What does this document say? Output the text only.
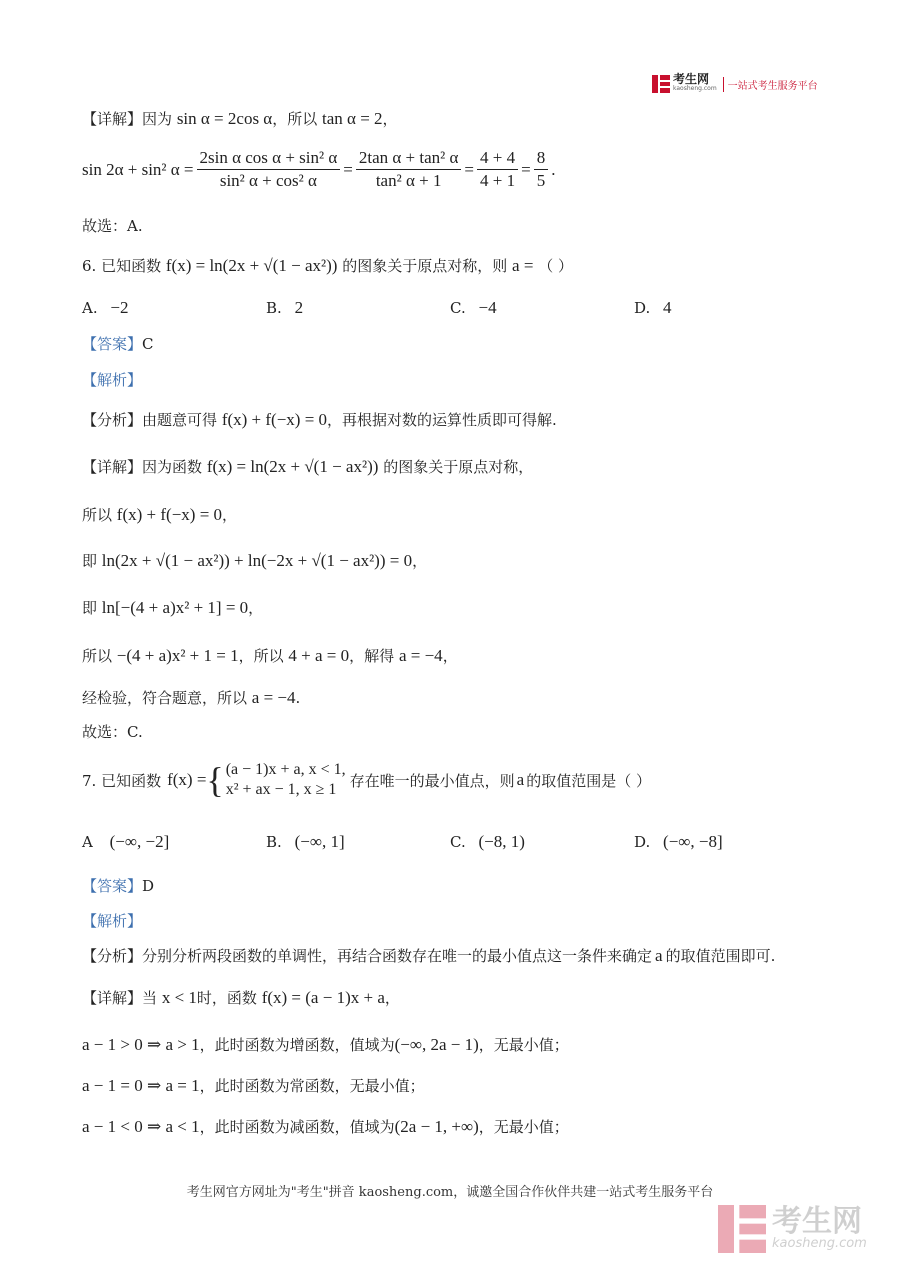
考生网
kaosheng.com	一站式考生服务平台
【详解】因为 sin α = 2cos α，所以 tan α = 2，
sin 2α + sin² $\alpha = \frac{\text{2sin α cos α + sin² α}}{\text{sin² α + cos² α}} = \frac{\text{2tan α + tan² α}}{\text{tan² α + 1}} = \frac{4 + 4}{4 + 1} = \frac{8}{5}$ .
故选：A.
6. 已知函数 f(x) = ln(2x + √(1 − ax²)) 的图象关于原点对称，则 a = （ ）
A. −2	B. 2	C. −4	D. 4
【答案】C
【解析】
【分析】由题意可得 f(x) + f(−x) = 0，再根据对数的运算性质即可得解.
【详解】因为函数 f(x) = ln(2x + √(1 − ax²)) 的图象关于原点对称，
所以 f(x) + f(−x) = 0，
即 ln(2x + √(1 − ax²)) + ln(−2x + √(1 − ax²)) = 0，
即 ln[−(4 + a)x² + 1] = 0，
所以 −(4 + a)x² + 1 = 1，所以 4 + a = 0，解得 a = −4，
经检验，符合题意，所以 a = −4.
故选：C.
7. 已知函数 f(x) = { (a − 1)x + a, x < 1,
x² + ax − 1, x ≥ 1 存在唯一的最小值点，则 a 的取值范围是（ ）
A (−∞, −2]	B. (−∞, 1]	C. (−8, 1)	D. (−∞, −8]
【答案】D
【解析】
【分析】分别分析两段函数的单调性，再结合函数存在唯一的最小值点这一条件来确定 a 的取值范围即可.
【详解】当 x < 1时，函数 f(x) = (a − 1)x + a，
a − 1 > 0 ⇒ a > 1，此时函数为增函数，值域为(−∞, 2a − 1)，无最小值；
a − 1 = 0 ⇒ a = 1，此时函数为常函数，无最小值；
a − 1 < 0 ⇒ a < 1，此时函数为减函数，值域为(2a − 1, +∞)，无最小值；
考生网官方网址为"考生"拼音 kaosheng.com，诚邀全国合作伙伴共建一站式考生服务平台
考生网
kaosheng.com
